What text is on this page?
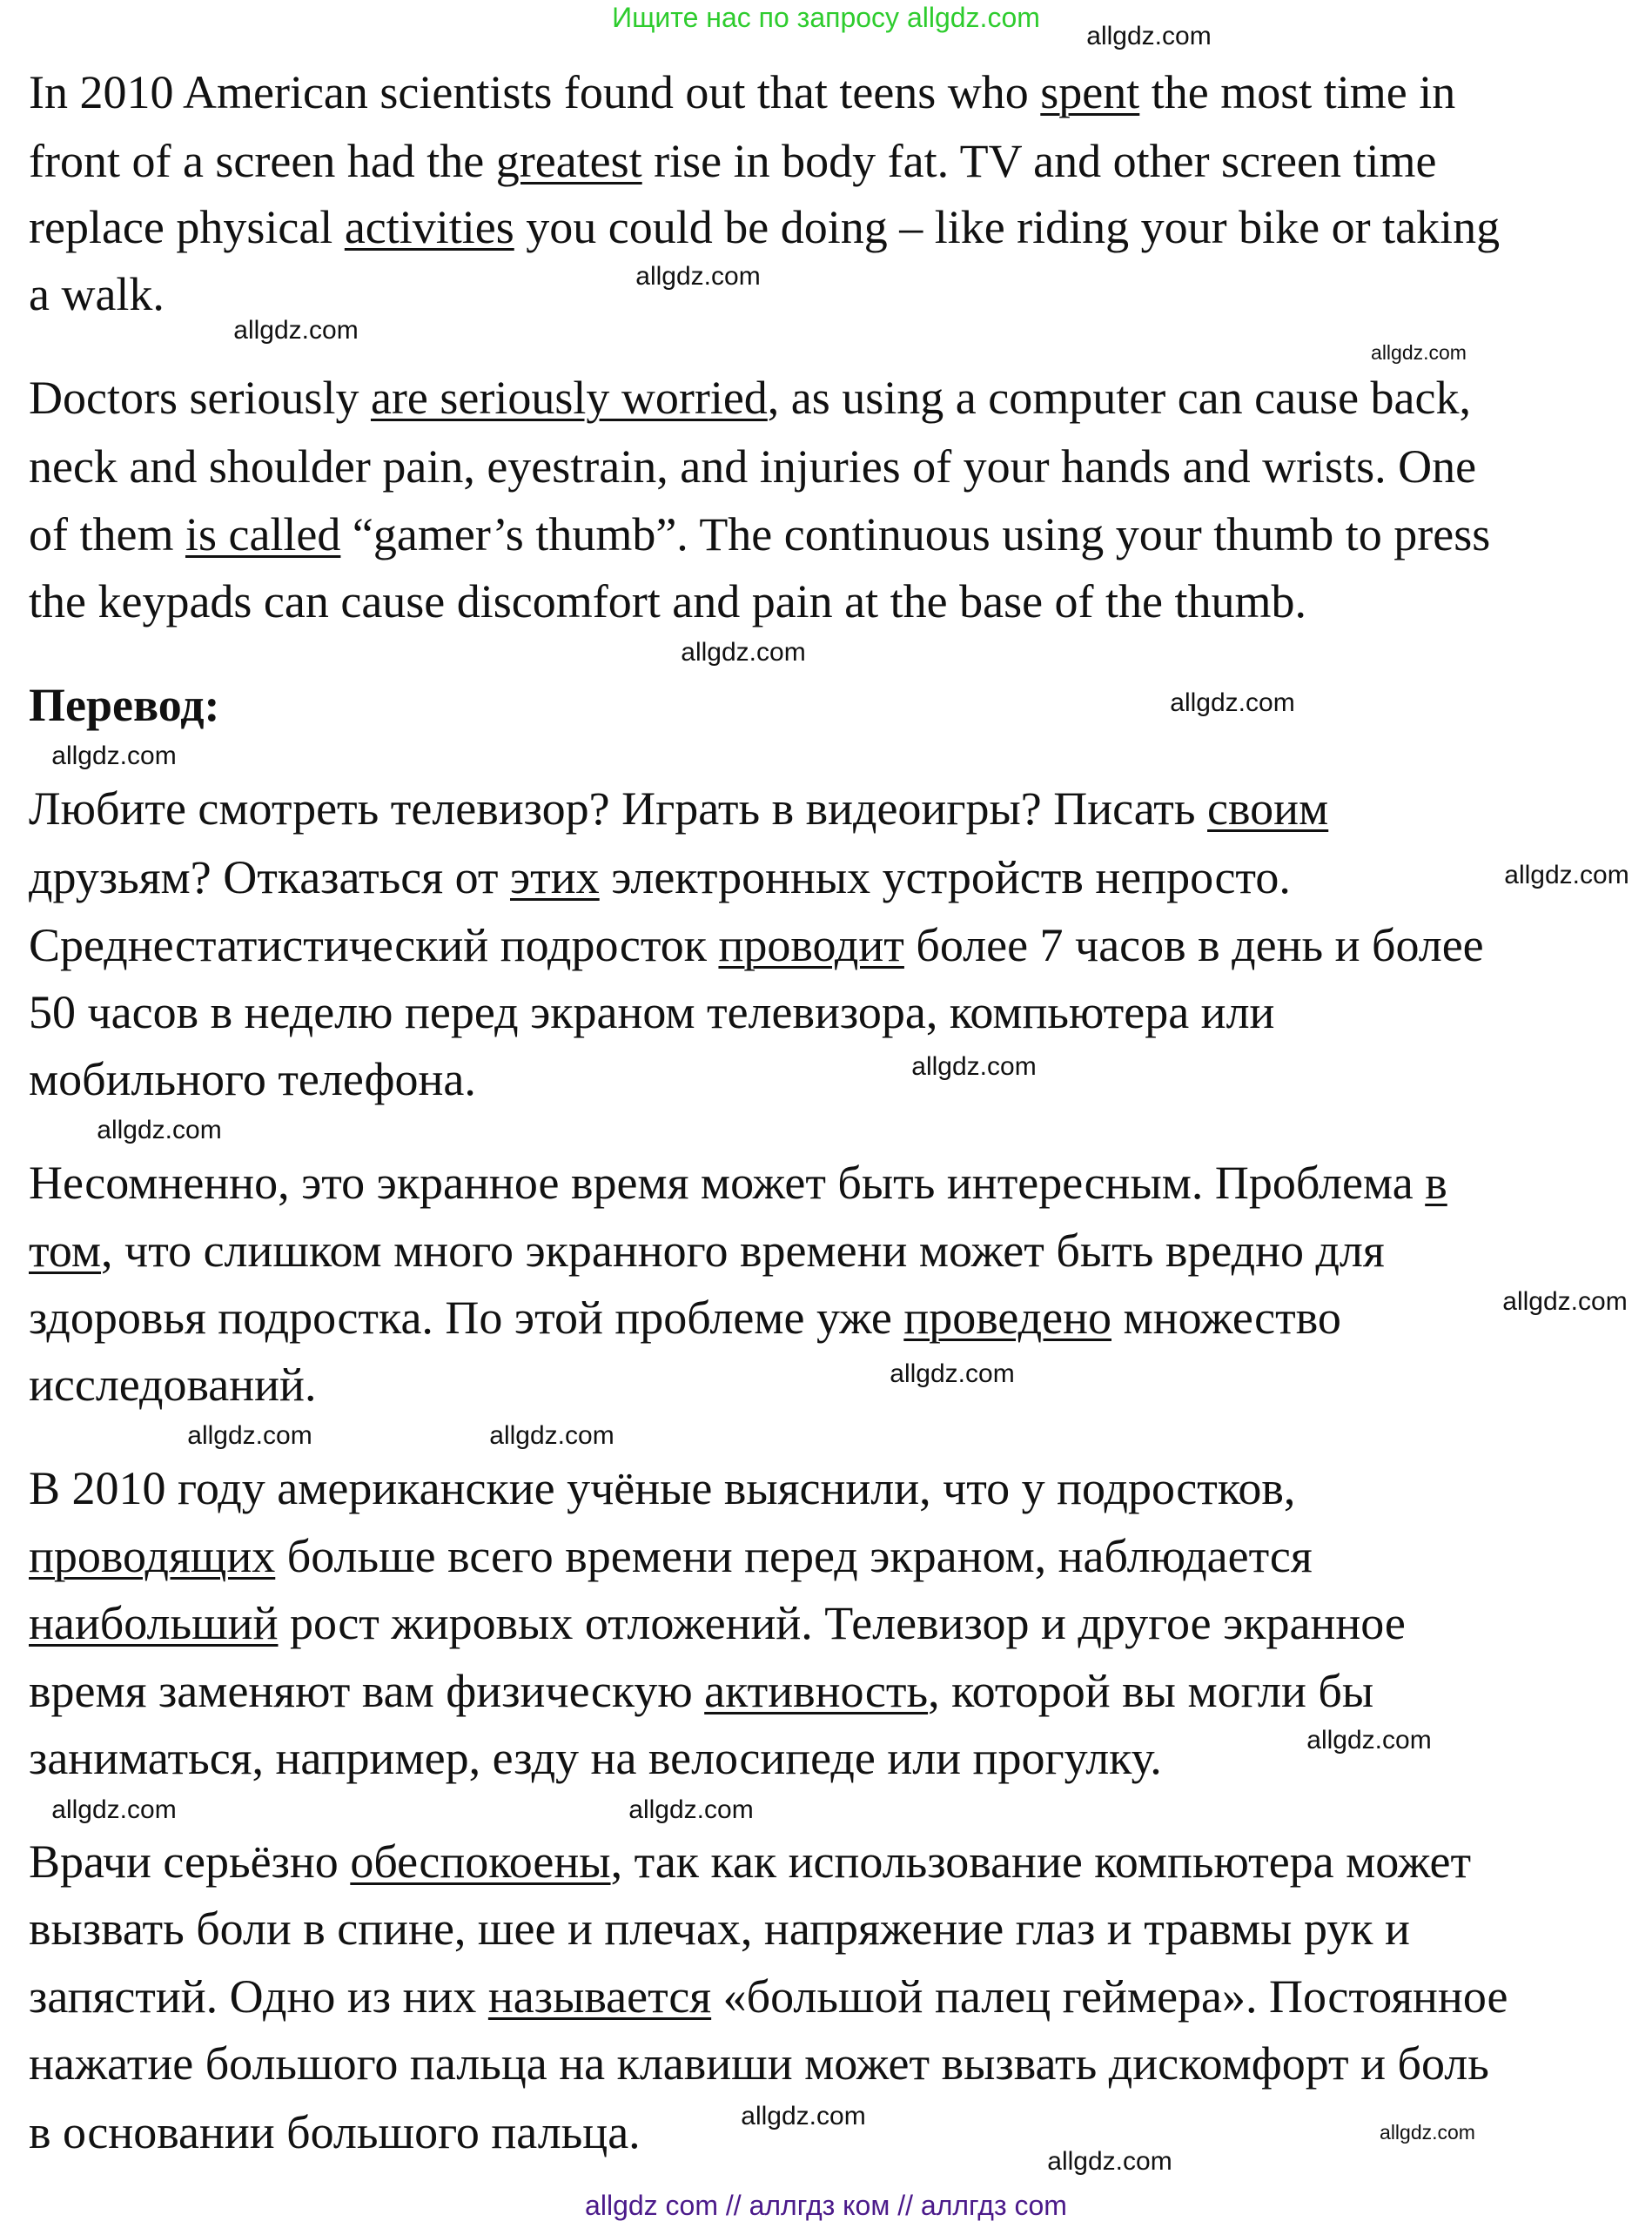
Ищите нас по запросу allgdz.com
In 2010 American scientists found out that teens who spent the most time in
front of a screen had the greatest rise in body fat. TV and other screen time
replace physical activities you could be doing – like riding your bike or taking
a walk.
Doctors seriously are seriously worried, as using a computer can cause back,
neck and shoulder pain, eyestrain, and injuries of your hands and wrists. One
of them is called “gamer’s thumb”. The continuous using your thumb to press
the keypads can cause discomfort and pain at the base of the thumb.
Перевод:
Любите смотреть телевизор? Играть в видеоигры? Писать своим
друзьям? Отказаться от этих электронных устройств непросто.
Среднестатистический подросток проводит более 7 часов в день и более
50 часов в неделю перед экраном телевизора, компьютера или
мобильного телефона.
Несомненно, это экранное время может быть интересным. Проблема в
том, что слишком много экранного времени может быть вредно для
здоровья подростка. По этой проблеме уже проведено множество
исследований.
В 2010 году американские учёные выяснили, что у подростков,
проводящих больше всего времени перед экраном, наблюдается
наибольший рост жировых отложений. Телевизор и другое экранное
время заменяют вам физическую активность, которой вы могли бы
заниматься, например, езду на велосипеде или прогулку.
Врачи серьёзно обеспокоены, так как использование компьютера может
вызвать боли в спине, шее и плечах, напряжение глаз и травмы рук и
запястий. Одно из них называется «большой палец геймера». Постоянное
нажатие большого пальца на клавиши может вызвать дискомфорт и боль
в основании большого пальца.
allgdz.com
allgdz.com
allgdz.com
allgdz.com
allgdz.com
allgdz.com
allgdz.com
allgdz.com
allgdz.com
allgdz.com
allgdz.com
allgdz.com
allgdz.com
allgdz.com
allgdz.com
allgdz.com
allgdz.com
allgdz.com
allgdz.com
allgdz.com
allgdz com // аллгдз ком // аллгдз com
